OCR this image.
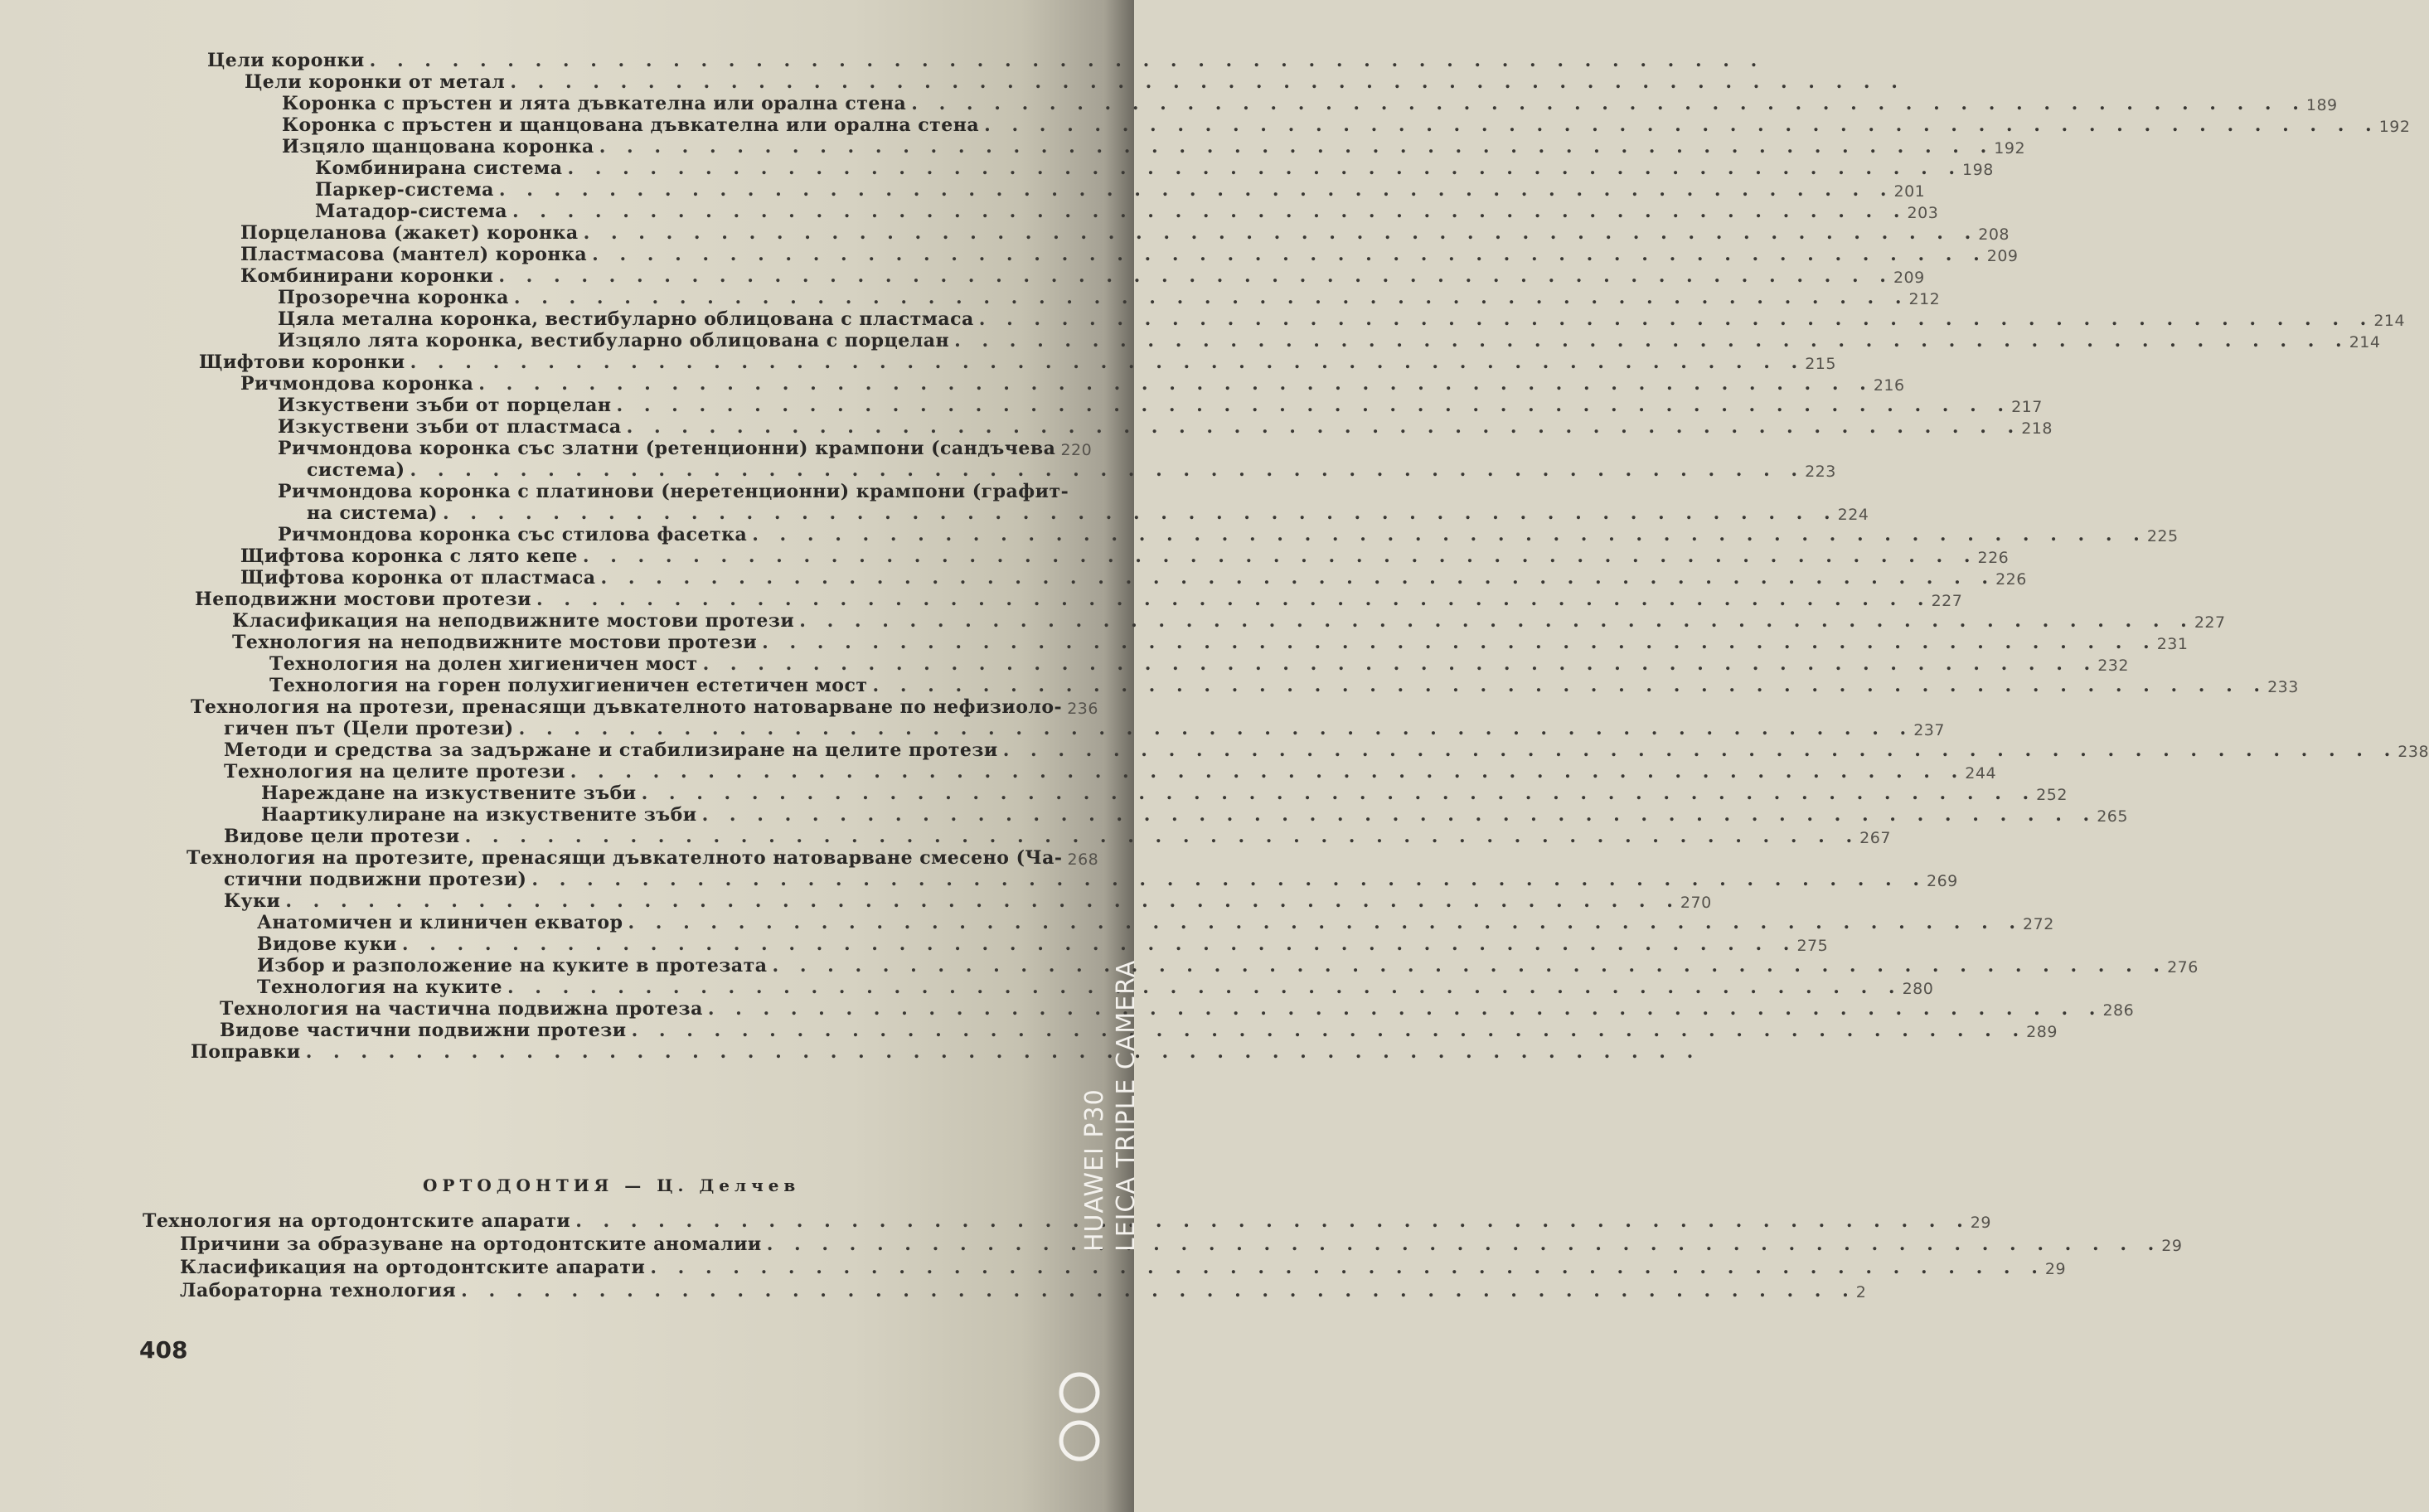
Цели коронки . . . . . . . . . . . . . . . . . . . . . . . . . . . . . . . . . . . . . . . . . . . . . . . . . . .
Цели коронки от метал . . . . . . . . . . . . . . . . . . . . . . . . . . . . . . . . . . . . . . . . . . . . . . . . . . .
Коронка с пръстен и лята дъвкателна или орална стена . . . . . . . . . . . . . . . . . . . . . . . . . . . . . . . . . . . . . . . . . . . . . . . . . . . 189
Коронка с пръстен и щанцована дъвкателна или орална стена . . . . . . . . . . . . . . . . . . . . . . . . . . . . . . . . . . . . . . . . . . . . . . . . . . . 192
Изцяло щанцована коронка . . . . . . . . . . . . . . . . . . . . . . . . . . . . . . . . . . . . . . . . . . . . . . . . . . . 192
Комбинирана система . . . . . . . . . . . . . . . . . . . . . . . . . . . . . . . . . . . . . . . . . . . . . . . . . . . 198
Паркер-система . . . . . . . . . . . . . . . . . . . . . . . . . . . . . . . . . . . . . . . . . . . . . . . . . . . 201
Матадор-система . . . . . . . . . . . . . . . . . . . . . . . . . . . . . . . . . . . . . . . . . . . . . . . . . . . 203
Порцеланова (жакет) коронка . . . . . . . . . . . . . . . . . . . . . . . . . . . . . . . . . . . . . . . . . . . . . . . . . . . 208
Пластмасова (мантел) коронка . . . . . . . . . . . . . . . . . . . . . . . . . . . . . . . . . . . . . . . . . . . . . . . . . . . 209
Комбинирани коронки . . . . . . . . . . . . . . . . . . . . . . . . . . . . . . . . . . . . . . . . . . . . . . . . . . . 209
Прозоречна коронка . . . . . . . . . . . . . . . . . . . . . . . . . . . . . . . . . . . . . . . . . . . . . . . . . . . 212
Цяла метална коронка, вестибуларно облицована с пластмаса . . . . . . . . . . . . . . . . . . . . . . . . . . . . . . . . . . . . . . . . . . . . . . . . . . . 214
Изцяло лята коронка, вестибуларно облицована с порцелан . . . . . . . . . . . . . . . . . . . . . . . . . . . . . . . . . . . . . . . . . . . . . . . . . . . 214
Щифтови коронки . . . . . . . . . . . . . . . . . . . . . . . . . . . . . . . . . . . . . . . . . . . . . . . . . . . 215
Ричмондова коронка . . . . . . . . . . . . . . . . . . . . . . . . . . . . . . . . . . . . . . . . . . . . . . . . . . . 216
Изкуствени зъби от порцелан . . . . . . . . . . . . . . . . . . . . . . . . . . . . . . . . . . . . . . . . . . . . . . . . . . . 217
Изкуствени зъби от пластмаса . . . . . . . . . . . . . . . . . . . . . . . . . . . . . . . . . . . . . . . . . . . . . . . . . . . 218
Ричмондова коронка със златни (ретенционни) крампони (сандъчева 220
система) . . . . . . . . . . . . . . . . . . . . . . . . . . . . . . . . . . . . . . . . . . . . . . . . . . . 223
Ричмондова коронка с платинови (неретенционни) крампони (графит-
на система) . . . . . . . . . . . . . . . . . . . . . . . . . . . . . . . . . . . . . . . . . . . . . . . . . . . 224
Ричмондова коронка със стилова фасетка . . . . . . . . . . . . . . . . . . . . . . . . . . . . . . . . . . . . . . . . . . . . . . . . . . . 225
Щифтова коронка с лято кепе . . . . . . . . . . . . . . . . . . . . . . . . . . . . . . . . . . . . . . . . . . . . . . . . . . . 226
Щифтова коронка от пластмаса . . . . . . . . . . . . . . . . . . . . . . . . . . . . . . . . . . . . . . . . . . . . . . . . . . . 226
Неподвижни мостови протези . . . . . . . . . . . . . . . . . . . . . . . . . . . . . . . . . . . . . . . . . . . . . . . . . . . 227
Класификация на неподвижните мостови протези . . . . . . . . . . . . . . . . . . . . . . . . . . . . . . . . . . . . . . . . . . . . . . . . . . . 227
Технология на неподвижните мостови протези . . . . . . . . . . . . . . . . . . . . . . . . . . . . . . . . . . . . . . . . . . . . . . . . . . . 231
Технология на долен хигиеничен мост . . . . . . . . . . . . . . . . . . . . . . . . . . . . . . . . . . . . . . . . . . . . . . . . . . . 232
Технология на горен полухигиеничен естетичен мост . . . . . . . . . . . . . . . . . . . . . . . . . . . . . . . . . . . . . . . . . . . . . . . . . . . 233
Технология на протези, пренасящи дъвкателното натоварване по нефизиоло- 236
гичен път (Цели протези) . . . . . . . . . . . . . . . . . . . . . . . . . . . . . . . . . . . . . . . . . . . . . . . . . . . 237
Методи и средства за задържане и стабилизиране на целите протези . . . . . . . . . . . . . . . . . . . . . . . . . . . . . . . . . . . . . . . . . . . . . . . . . . . 238
Технология на целите протези . . . . . . . . . . . . . . . . . . . . . . . . . . . . . . . . . . . . . . . . . . . . . . . . . . . 244
Нареждане на изкуствените зъби . . . . . . . . . . . . . . . . . . . . . . . . . . . . . . . . . . . . . . . . . . . . . . . . . . . 252
Наартикулиране на изкуствените зъби . . . . . . . . . . . . . . . . . . . . . . . . . . . . . . . . . . . . . . . . . . . . . . . . . . . 265
Видове цели протези . . . . . . . . . . . . . . . . . . . . . . . . . . . . . . . . . . . . . . . . . . . . . . . . . . . 267
Технология на протезите, пренасящи дъвкателното натоварване смесено (Ча- 268
стични подвижни протези) . . . . . . . . . . . . . . . . . . . . . . . . . . . . . . . . . . . . . . . . . . . . . . . . . . . 269
Куки . . . . . . . . . . . . . . . . . . . . . . . . . . . . . . . . . . . . . . . . . . . . . . . . . . . 270
Анатомичен и клиничен екватор . . . . . . . . . . . . . . . . . . . . . . . . . . . . . . . . . . . . . . . . . . . . . . . . . . . 272
Видове куки . . . . . . . . . . . . . . . . . . . . . . . . . . . . . . . . . . . . . . . . . . . . . . . . . . . 275
Избор и разположение на куките в протезата . . . . . . . . . . . . . . . . . . . . . . . . . . . . . . . . . . . . . . . . . . . . . . . . . . . 276
Технология на куките . . . . . . . . . . . . . . . . . . . . . . . . . . . . . . . . . . . . . . . . . . . . . . . . . . . 280
Технология на частична подвижна протеза . . . . . . . . . . . . . . . . . . . . . . . . . . . . . . . . . . . . . . . . . . . . . . . . . . . 286
Видове частични подвижни протези . . . . . . . . . . . . . . . . . . . . . . . . . . . . . . . . . . . . . . . . . . . . . . . . . . . 289
Поправки . . . . . . . . . . . . . . . . . . . . . . . . . . . . . . . . . . . . . . . . . . . . . . . . . . .
ОРТОДОНТИЯ — Ц. Делчев
Технология на ортодонтските апарати . . . . . . . . . . . . . . . . . . . . . . . . . . . . . . . . . . . . . . . . . . . . . . . . . . . 29
Причини за образуване на ортодонтските аномалии . . . . . . . . . . . . . . . . . . . . . . . . . . . . . . . . . . . . . . . . . . . . . . . . . . . 29
Класификация на ортодонтските апарати . . . . . . . . . . . . . . . . . . . . . . . . . . . . . . . . . . . . . . . . . . . . . . . . . . . 29
Лабораторна технология . . . . . . . . . . . . . . . . . . . . . . . . . . . . . . . . . . . . . . . . . . . . . . . . . . . 2
408
HUAWEI P30 LEICA TRIPLE CAMERA
